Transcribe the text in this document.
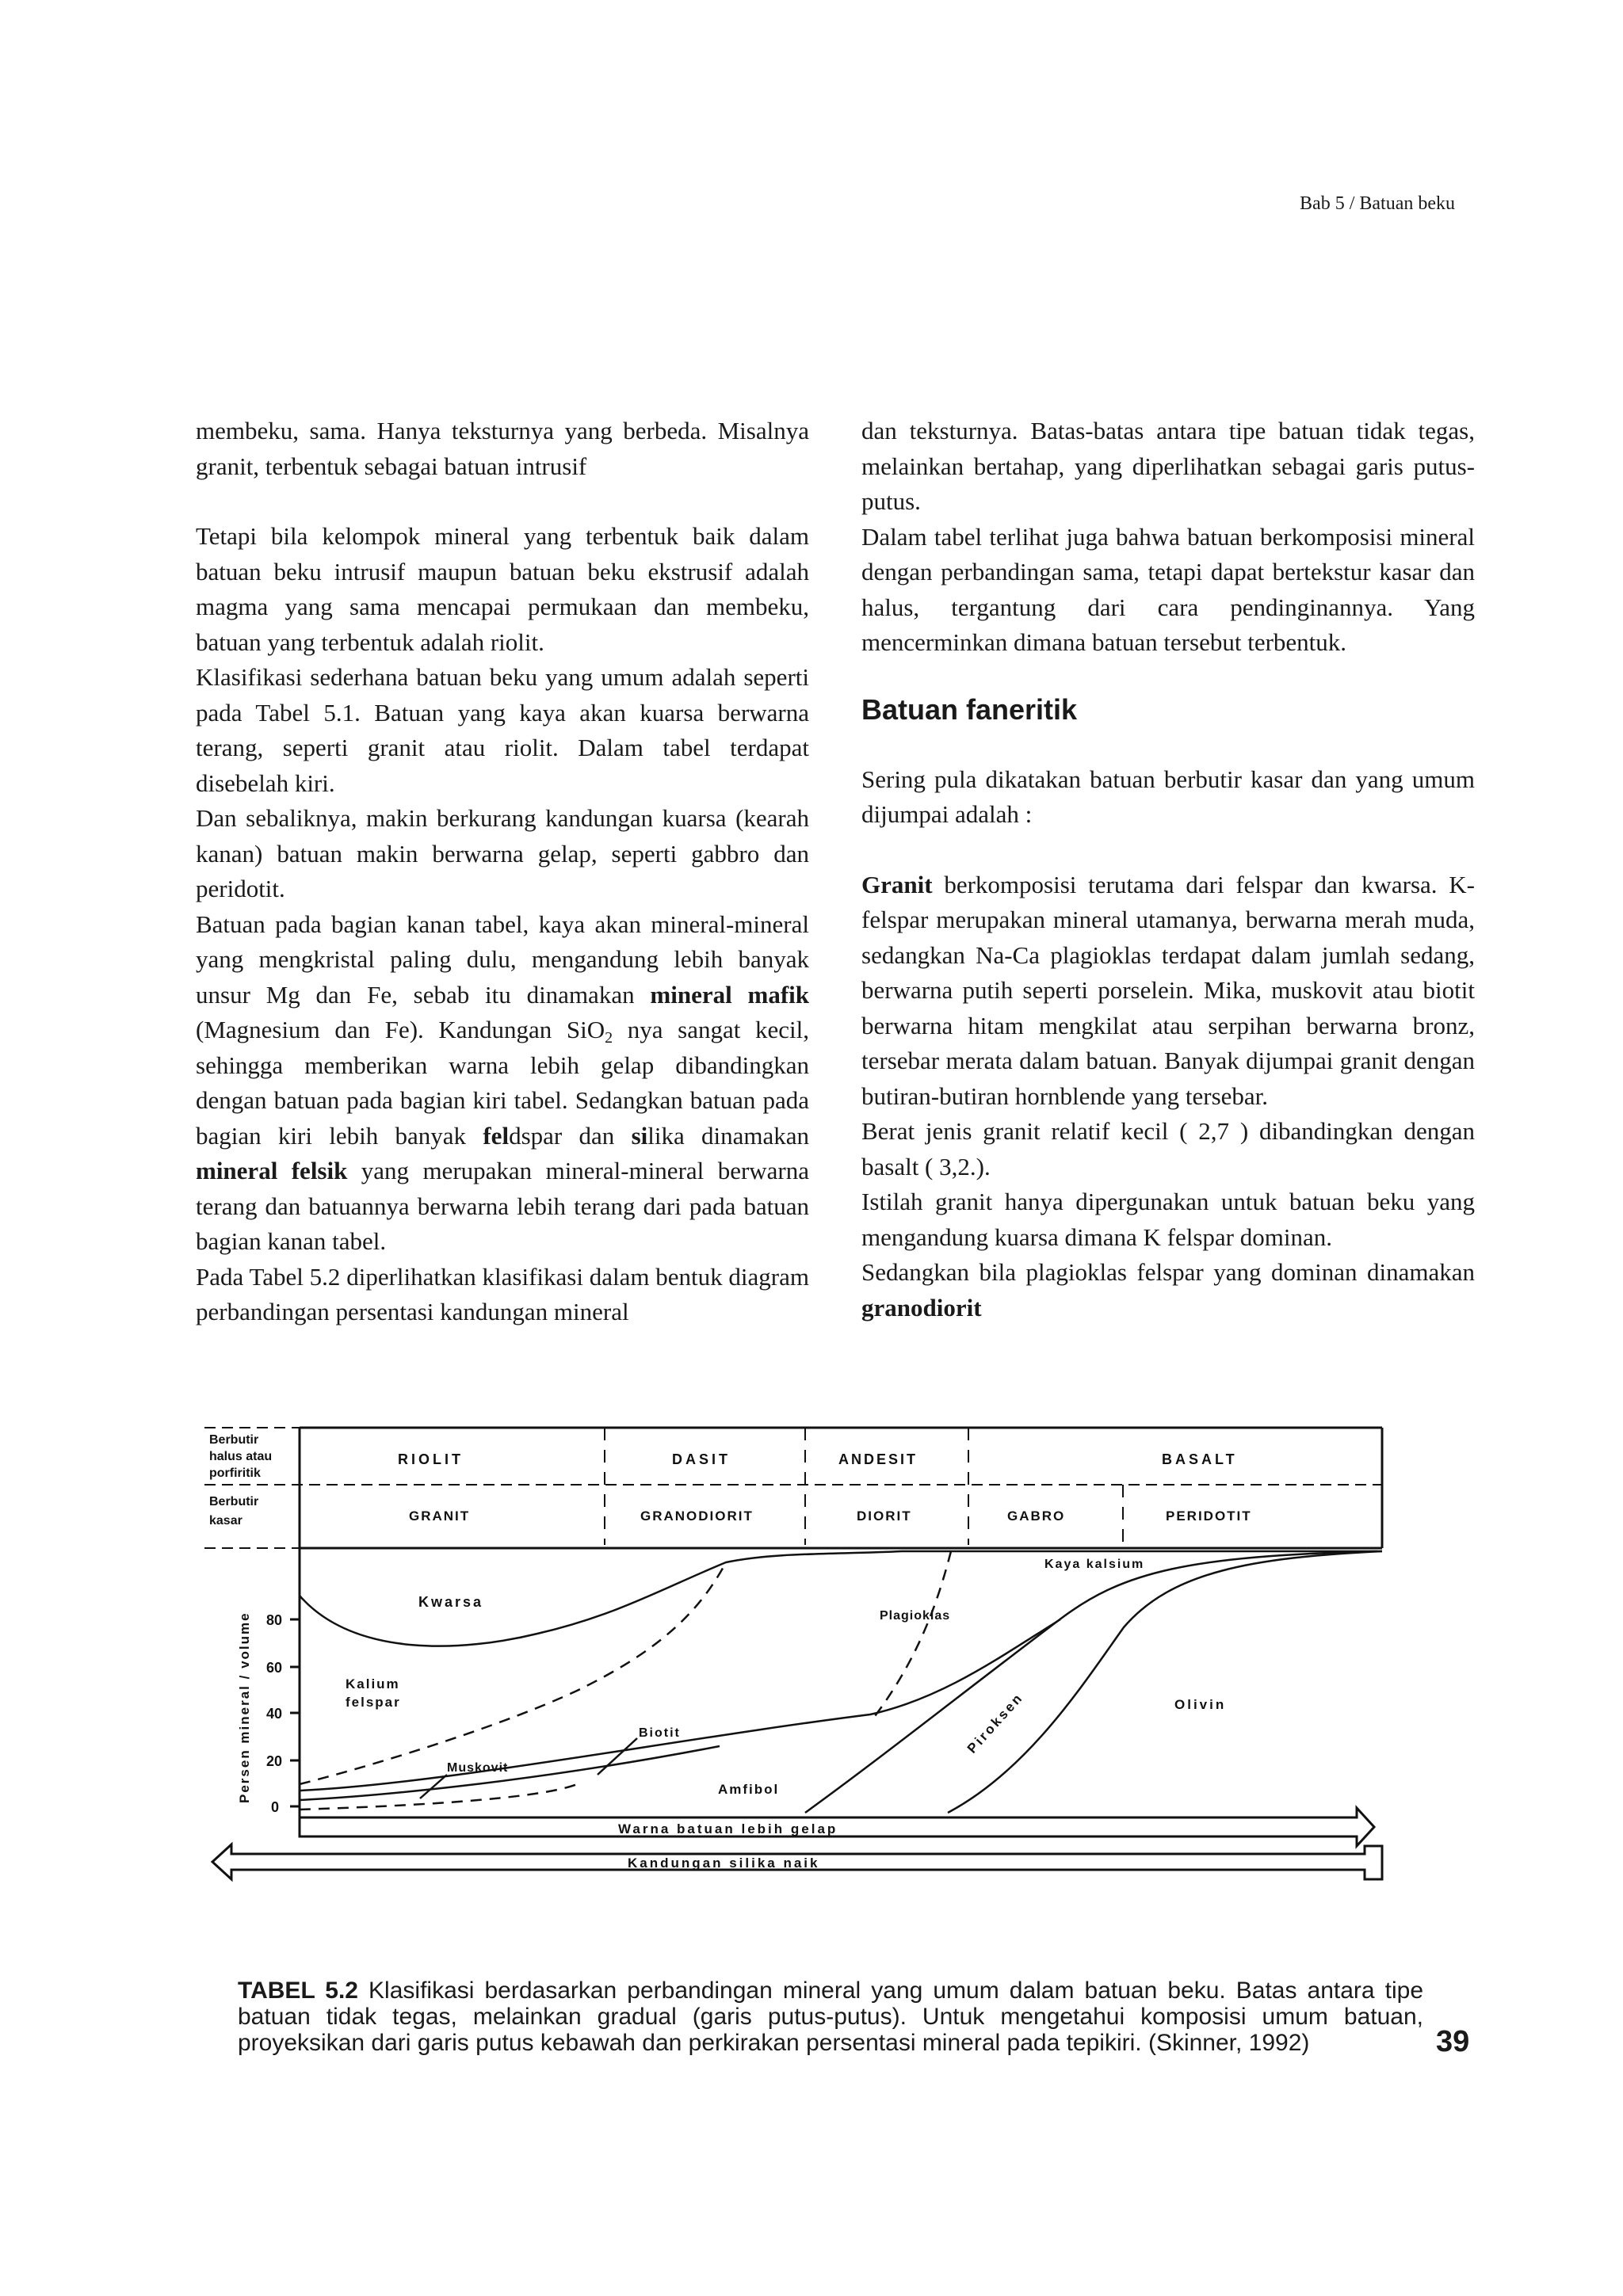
Bab 5 / Batuan beku

membeku, sama. Hanya teksturnya yang berbeda. Misalnya granit, terbentuk sebagai batuan intrusif

Tetapi bila kelompok mineral yang terbentuk baik dalam batuan beku intrusif maupun batuan beku ekstrusif adalah magma yang sama mencapai permukaan dan membeku, batuan yang terbentuk adalah riolit.

Klasifikasi sederhana batuan beku yang umum adalah seperti pada Tabel 5.1. Batuan yang kaya akan kuarsa berwarna terang, seperti granit atau riolit. Dalam tabel terdapat disebelah kiri.

Dan sebaliknya, makin berkurang kandungan kuarsa (kearah kanan) batuan makin berwarna gelap, seperti gabbro dan peridotit.

Batuan pada bagian kanan tabel, kaya akan mineral-mineral yang mengkristal paling dulu, mengandung lebih banyak unsur Mg dan Fe, sebab itu dinamakan mineral mafik (Magnesium dan Fe). Kandungan SiO$_2$ nya sangat kecil, sehingga memberikan warna lebih gelap dibandingkan dengan batuan pada bagian kiri tabel. Sedangkan batuan pada bagian kiri lebih banyak feldspar dan silika dinamakan mineral felsik yang merupakan mineral-mineral berwarna terang dan batuannya berwarna lebih terang dari pada batuan bagian kanan tabel.

Pada Tabel 5.2 diperlihatkan klasifikasi dalam bentuk diagram perbandingan persentasi kandungan mineral

dan teksturnya. Batas-batas antara tipe batuan tidak tegas, melainkan bertahap, yang diperlihatkan sebagai garis putus-putus.

Dalam tabel terlihat juga bahwa batuan berkomposisi mineral dengan perbandingan sama, tetapi dapat bertekstur kasar dan halus, tergantung dari cara pendinginannya. Yang mencerminkan dimana batuan tersebut terbentuk.

Batuan faneritik

Sering pula dikatakan batuan berbutir kasar dan yang umum dijumpai adalah :

Granit berkomposisi terutama dari felspar dan kwarsa. K-felspar merupakan mineral utamanya, berwarna merah muda, sedangkan Na-Ca plagioklas terdapat dalam jumlah sedang, berwarna putih seperti porselein. Mika, muskovit atau biotit berwarna hitam mengkilat atau serpihan berwarna bronz, tersebar merata dalam batuan. Banyak dijumpai granit dengan butiran-butiran hornblende yang tersebar.

Berat jenis granit relatif kecil ( 2,7 ) dibandingkan dengan basalt ( 3,2.).

Istilah granit hanya dipergunakan untuk batuan beku yang mengandung kuarsa dimana K felspar dominan.

Sedangkan bila plagioklas felspar yang dominan dinamakan granodiorit

Berbutir
halus atau
porfiritik
Berbutir
kasar
RIOLIT	DASIT	ANDESIT	BASALT
GRANIT	GRANODIORIT	DIORIT	GABRO	PERIDOTIT
80
60
40
20
0
Persen mineral / volume
Kwarsa
Kalium
felspar
Muskovit
Biotit
Amfibol
Plagioklas
Piroksen	Olivin
Kaya kalsium
Warna batuan lebih gelap
Kandungan silika naik
TABEL 5.2 Klasifikasi berdasarkan perbandingan mineral yang umum dalam batuan beku. Batas antara tipe batuan tidak tegas, melainkan gradual (garis putus-putus). Untuk mengetahui komposisi umum batuan, proyeksikan dari garis putus kebawah dan perkirakan persentasi mineral pada tepikiri. (Skinner, 1992)	39
